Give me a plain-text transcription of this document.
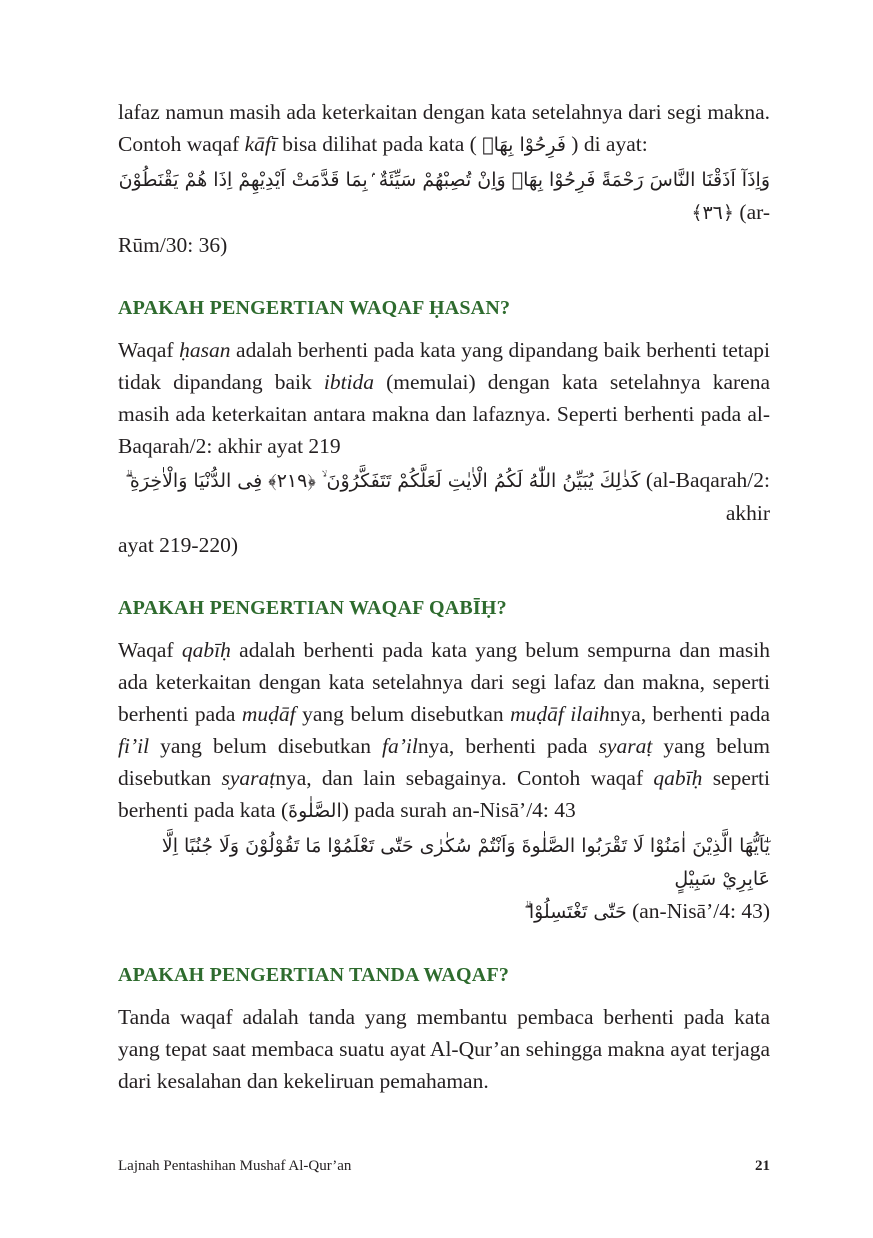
lafaz namun masih ada keterkaitan dengan kata setelahnya dari segi makna. Contoh waqaf kāfī bisa dilihat pada kata ( فَرِحُوْا بِهَاۗ ) di ayat:
وَاِذَآ اَذَقْنَا النَّاسَ رَحْمَةً فَرِحُوْا بِهَاۗ وَاِنْ تُصِبْهُمْ سَيِّئَةٌ ۢبِمَا قَدَّمَتْ اَيْدِيْهِمْ اِذَا هُمْ يَقْنَطُوْنَ ﴿٣٦﴾ (ar-
Rūm/30: 36)

APAKAH PENGERTIAN WAQAF ḤASAN?

Waqaf ḥasan adalah berhenti pada kata yang dipandang baik berhenti tetapi tidak dipandang baik ibtida (memulai) dengan kata setelahnya karena masih ada keterkaitan antara makna dan lafaznya. Seperti berhenti pada al-Baqarah/2: akhir ayat 219
كَذٰلِكَ يُبَيِّنُ اللّٰهُ لَكُمُ الْاٰيٰتِ لَعَلَّكُمْ تَتَفَكَّرُوْنَ ۙ ﴿٢١٩﴾ فِى الدُّنْيَا وَالْاٰخِرَةِ ۗ (al-Baqarah/2: akhir
ayat 219-220)

APAKAH PENGERTIAN WAQAF QABĪḤ?

Waqaf qabīḥ adalah berhenti pada kata yang belum sempurna dan masih ada keterkaitan dengan kata setelahnya dari segi lafaz dan makna, seperti berhenti pada muḍāf yang belum disebutkan muḍāf ilaihnya, berhenti pada fi’il yang belum disebutkan fa’ilnya, berhenti pada syaraṭ yang belum disebutkan syaraṭnya, dan lain sebagainya. Contoh waqaf qabīḥ seperti berhenti pada kata (الصَّلٰوةَ) pada surah an-Nisā’/4: 43
يٰٓاَيُّهَا الَّذِيْنَ اٰمَنُوْا لَا تَقْرَبُوا الصَّلٰوةَ وَاَنْتُمْ سُكٰرٰى حَتّٰى تَعْلَمُوْا مَا تَقُوْلُوْنَ وَلَا جُنُبًا اِلَّا عَابِرِيْ سَبِيْلٍ
حَتّٰى تَغْتَسِلُوْا ۗ (an-Nisā’/4: 43)

APAKAH PENGERTIAN TANDA WAQAF?

Tanda waqaf adalah tanda yang membantu pembaca berhenti pada kata yang tepat saat membaca suatu ayat Al-Qur’an sehingga makna ayat terjaga dari kesalahan dan kekeliruan pemahaman.

Lajnah Pentashihan Mushaf Al-Qur’an	21
